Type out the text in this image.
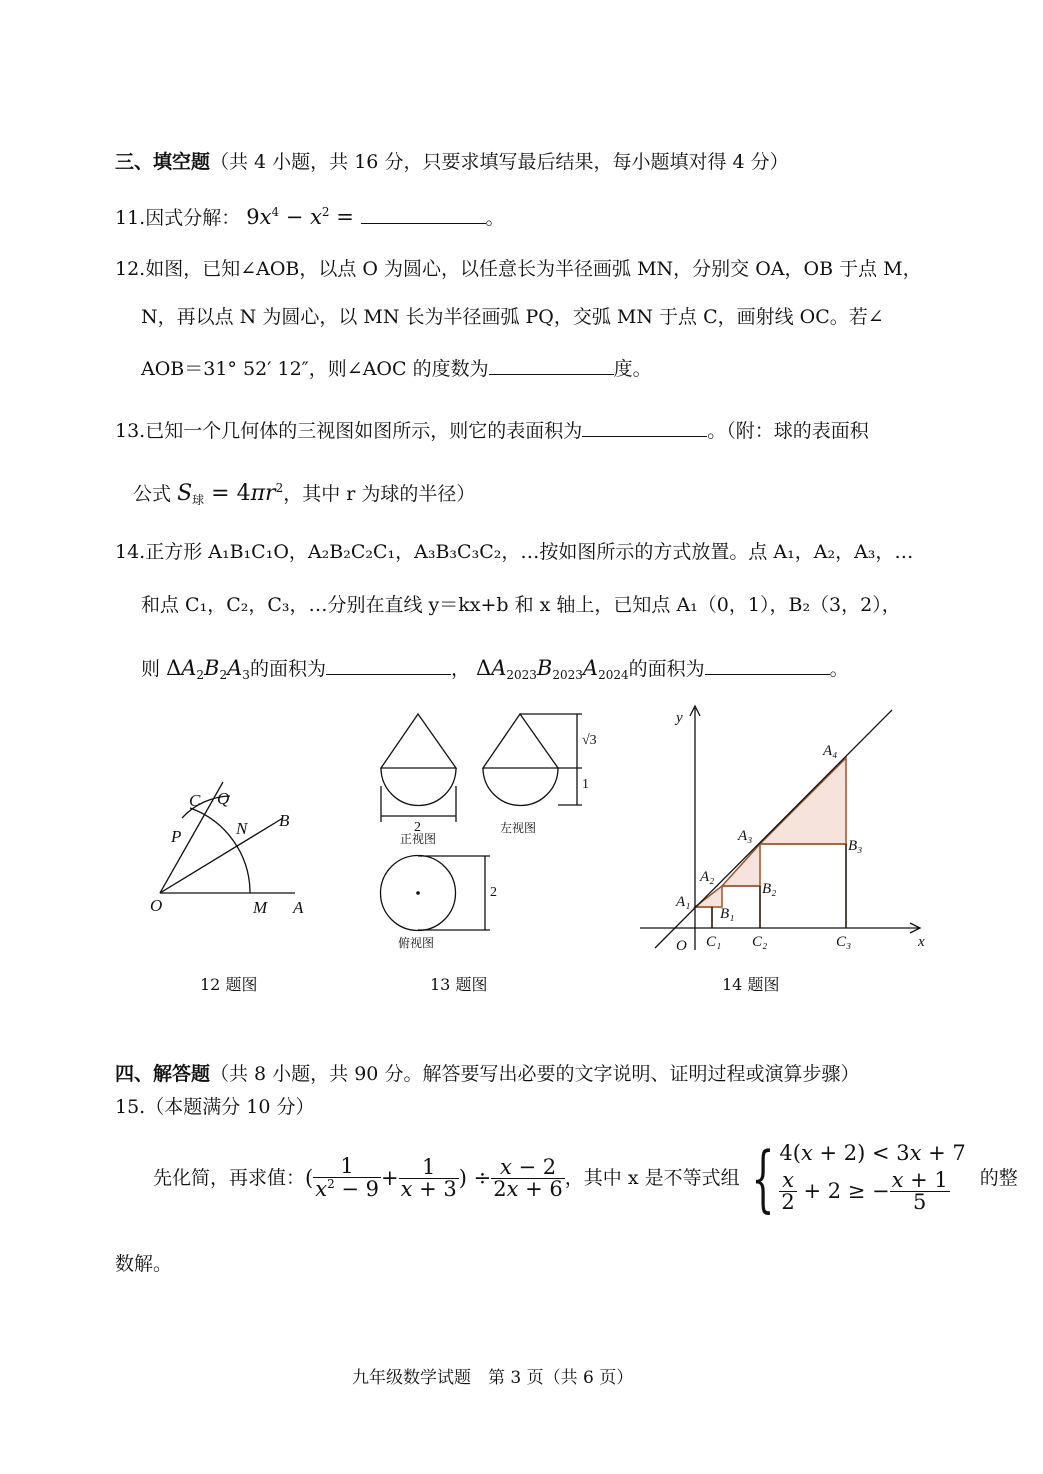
三、填空题（共 4 小题，共 16 分，只要求填写最后结果，每小题填对得 4 分）
11.因式分解： $9x^4 - x^2$ =	。
12.如图，已知∠AOB，以点 O 为圆心，以任意长为半径画弧 MN，分别交 OA，OB 于点 M，
N，再以点 N 为圆心，以 MN 长为半径画弧 PQ，交弧 MN 于点 C，画射线 OC。若∠
AOB＝31° 52′ 12″，则∠AOC 的度数为	度。
13.已知一个几何体的三视图如图所示，则它的表面积为	。（附：球的表面积
公式 $S_球 = 4\pi r^2$，其中 r 为球的半径）
14.正方形 A₁B₁C₁O，A₂B₂C₂C₁，A₃B₃C₃C₂，…按如图所示的方式放置。点 A₁，A₂，A₃，…
和点 C₁，C₂，C₃，…分别在直线 y＝kx+b 和 x 轴上，已知点 A₁（0，1），B₂（3，2），
则 $\Delta A_2B_2A_3$的面积为	， $\Delta A_{2023}B_{2023}A_{2024}$的面积为	。
C Q
P	N B
O	M A
12 题图
2
√3
1
2
正视图
左视图
俯视图
13 题图
y
x
O
A₁
A₂
A₃
A₄
B₁
B₂
B₃
C₁ C₂	C₃
14 题图
四、解答题（共 8 小题，共 90 分。解答要写出必要的文字说明、证明过程或演算步骤）
15.（本题满分 10 分）
先化简，再求值： ( $\frac{1}{x^2 - 9} + \frac{1}{x + 3}$ ) ÷ $\frac{x - 2}{2x + 6}$ ，其中 x 是不等式组 { 4(x + 2) < 3x + 7
$\frac{x}{2} + 2$ ≥ − $\frac{x + 1}{5}$ 的整
数解。
九年级数学试题　第 3 页（共 6 页）
